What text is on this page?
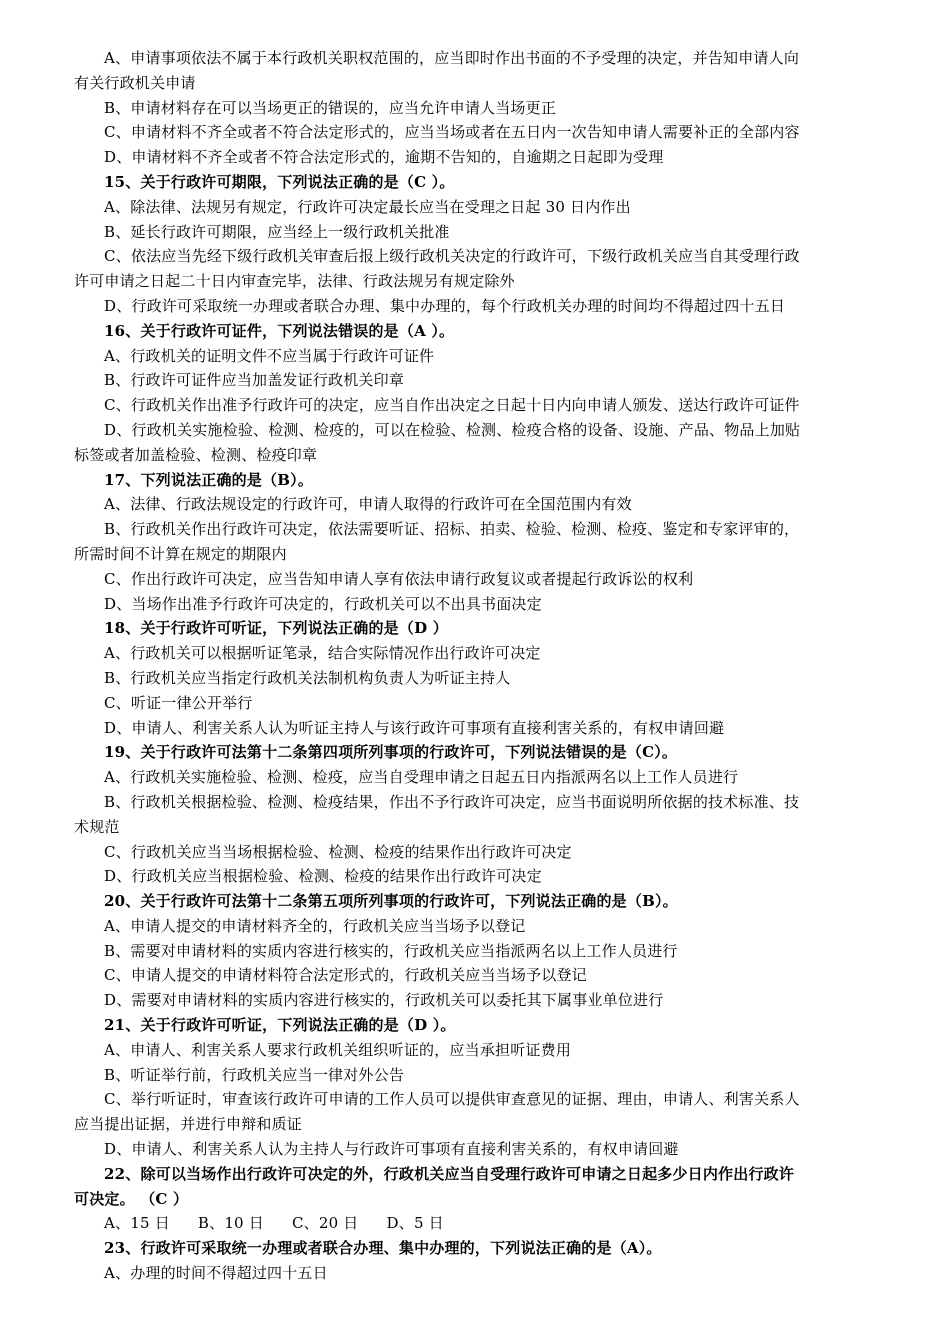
A、申请事项依法不属于本行政机关职权范围的，应当即时作出书面的不予受理的决定，并告知申请人向
有关行政机关申请
B、申请材料存在可以当场更正的错误的，应当允许申请人当场更正
C、申请材料不齐全或者不符合法定形式的，应当当场或者在五日内一次告知申请人需要补正的全部内容
D、申请材料不齐全或者不符合法定形式的，逾期不告知的，自逾期之日起即为受理
15、关于行政许可期限，下列说法正确的是（C ）。
A、除法律、法规另有规定，行政许可决定最长应当在受理之日起 30 日内作出
B、延长行政许可期限，应当经上一级行政机关批准
C、依法应当先经下级行政机关审查后报上级行政机关决定的行政许可，下级行政机关应当自其受理行政
许可申请之日起二十日内审查完毕，法律、行政法规另有规定除外
D、行政许可采取统一办理或者联合办理、集中办理的，每个行政机关办理的时间均不得超过四十五日
16、关于行政许可证件，下列说法错误的是（A ）。
A、行政机关的证明文件不应当属于行政许可证件
B、行政许可证件应当加盖发证行政机关印章
C、行政机关作出准予行政许可的决定，应当自作出决定之日起十日内向申请人颁发、送达行政许可证件
D、行政机关实施检验、检测、检疫的，可以在检验、检测、检疫合格的设备、设施、产品、物品上加贴
标签或者加盖检验、检测、检疫印章
17、下列说法正确的是（B）。
A、法律、行政法规设定的行政许可，申请人取得的行政许可在全国范围内有效
B、行政机关作出行政许可决定，依法需要听证、招标、拍卖、检验、检测、检疫、鉴定和专家评审的，
所需时间不计算在规定的期限内
C、作出行政许可决定，应当告知申请人享有依法申请行政复议或者提起行政诉讼的权利
D、当场作出准予行政许可决定的，行政机关可以不出具书面决定
18、关于行政许可听证，下列说法正确的是（D ）
A、行政机关可以根据听证笔录，结合实际情况作出行政许可决定
B、行政机关应当指定行政机关法制机构负责人为听证主持人
C、听证一律公开举行
D、申请人、利害关系人认为听证主持人与该行政许可事项有直接利害关系的，有权申请回避
19、关于行政许可法第十二条第四项所列事项的行政许可，下列说法错误的是（C）。
A、行政机关实施检验、检测、检疫，应当自受理申请之日起五日内指派两名以上工作人员进行
B、行政机关根据检验、检测、检疫结果，作出不予行政许可决定，应当书面说明所依据的技术标准、技
术规范
C、行政机关应当当场根据检验、检测、检疫的结果作出行政许可决定
D、行政机关应当根据检验、检测、检疫的结果作出行政许可决定
20、关于行政许可法第十二条第五项所列事项的行政许可，下列说法正确的是（B）。
A、申请人提交的申请材料齐全的，行政机关应当当场予以登记
B、需要对申请材料的实质内容进行核实的，行政机关应当指派两名以上工作人员进行
C、申请人提交的申请材料符合法定形式的，行政机关应当当场予以登记
D、需要对申请材料的实质内容进行核实的，行政机关可以委托其下属事业单位进行
21、关于行政许可听证，下列说法正确的是（D ）。
A、申请人、利害关系人要求行政机关组织听证的，应当承担听证费用
B、听证举行前，行政机关应当一律对外公告
C、举行听证时，审查该行政许可申请的工作人员可以提供审查意见的证据、理由，申请人、利害关系人
应当提出证据，并进行申辩和质证
D、申请人、利害关系人认为主持人与行政许可事项有直接利害关系的，有权申请回避
22、除可以当场作出行政许可决定的外，行政机关应当自受理行政许可申请之日起多少日内作出行政许
可决定。 （C ）
A、15 日 B、10 日 C、20 日 D、5 日
23、行政许可采取统一办理或者联合办理、集中办理的，下列说法正确的是（A）。
A、办理的时间不得超过四十五日
